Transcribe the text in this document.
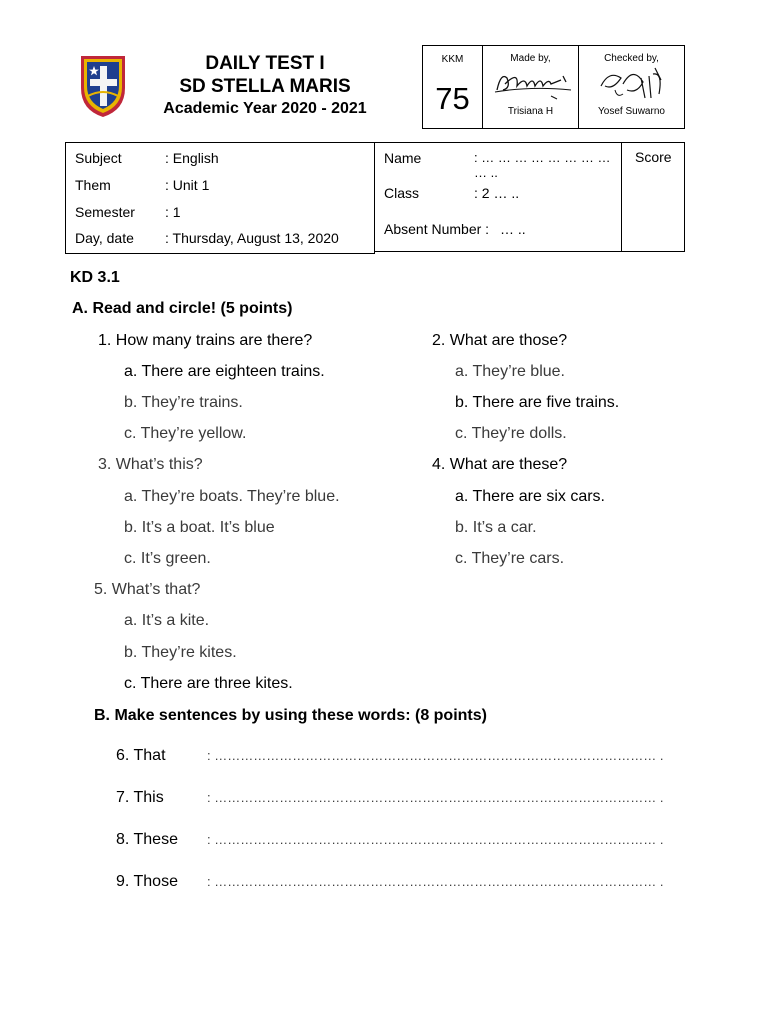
DAILY TEST I
SD STELLA MARIS
Academic Year 2020 - 2021
KKM
75
Made by,
Trisiana H
Checked by,
Yosef Suwarno
Subject	: English
Them	: Unit 1
Semester : 1
Day, date : Thursday, August 13, 2020
Name	: … … … … … … … … … ..
Class	: 2 … ..
Absent Number : … ..
Score
KD 3.1
A. Read and circle! (5 points)
1. How many trains are there?
a. There are eighteen trains.
b. They’re trains.
c. They’re yellow.
2. What are those?
a. They’re blue.
b. There are five trains.
c. They’re dolls.
3. What’s this?
a. They’re boats. They’re blue.
b. It’s a boat. It’s blue
c. It’s green.
4. What are these?
a. There are six cars.
b. It’s a car.
c. They’re cars.
5. What’s that?
a. It’s a kite.
b. They’re kites.
c. There are three kites.
B. Make sentences by using these words: (8 points)
6. That	: ………………………………………………………………………………………… .
7. This	: ………………………………………………………………………………………… .
8. These : ………………………………………………………………………………………… .
9. Those : ………………………………………………………………………………………… .
